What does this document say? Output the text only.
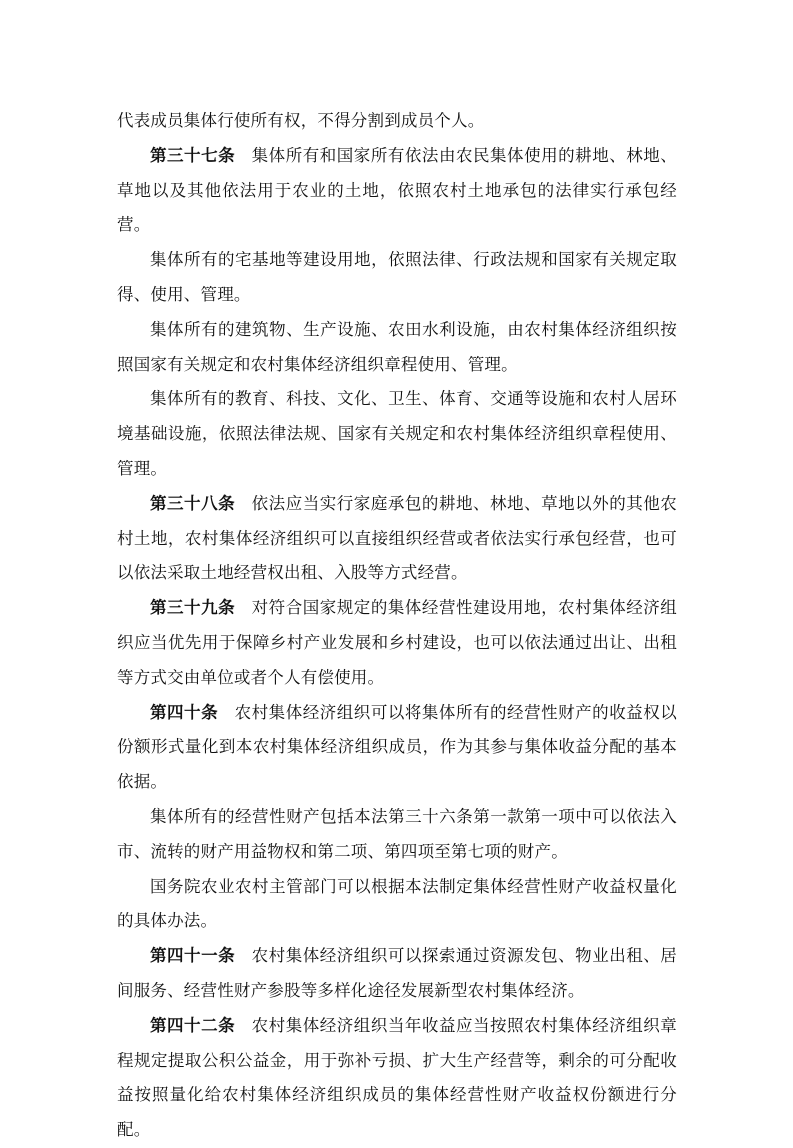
代表成员集体行使所有权，不得分割到成员个人。

第三十七条 集体所有和国家所有依法由农民集体使用的耕地、林地、草地以及其他依法用于农业的土地，依照农村土地承包的法律实行承包经营。

集体所有的宅基地等建设用地，依照法律、行政法规和国家有关规定取得、使用、管理。

集体所有的建筑物、生产设施、农田水利设施，由农村集体经济组织按照国家有关规定和农村集体经济组织章程使用、管理。

集体所有的教育、科技、文化、卫生、体育、交通等设施和农村人居环境基础设施，依照法律法规、国家有关规定和农村集体经济组织章程使用、管理。

第三十八条 依法应当实行家庭承包的耕地、林地、草地以外的其他农村土地，农村集体经济组织可以直接组织经营或者依法实行承包经营，也可以依法采取土地经营权出租、入股等方式经营。

第三十九条 对符合国家规定的集体经营性建设用地，农村集体经济组织应当优先用于保障乡村产业发展和乡村建设，也可以依法通过出让、出租等方式交由单位或者个人有偿使用。

第四十条 农村集体经济组织可以将集体所有的经营性财产的收益权以份额形式量化到本农村集体经济组织成员，作为其参与集体收益分配的基本依据。

集体所有的经营性财产包括本法第三十六条第一款第一项中可以依法入市、流转的财产用益物权和第二项、第四项至第七项的财产。

国务院农业农村主管部门可以根据本法制定集体经营性财产收益权量化的具体办法。

第四十一条 农村集体经济组织可以探索通过资源发包、物业出租、居间服务、经营性财产参股等多样化途径发展新型农村集体经济。

第四十二条 农村集体经济组织当年收益应当按照农村集体经济组织章程规定提取公积公益金，用于弥补亏损、扩大生产经营等，剩余的可分配收益按照量化给农村集体经济组织成员的集体经营性财产收益权份额进行分配。
